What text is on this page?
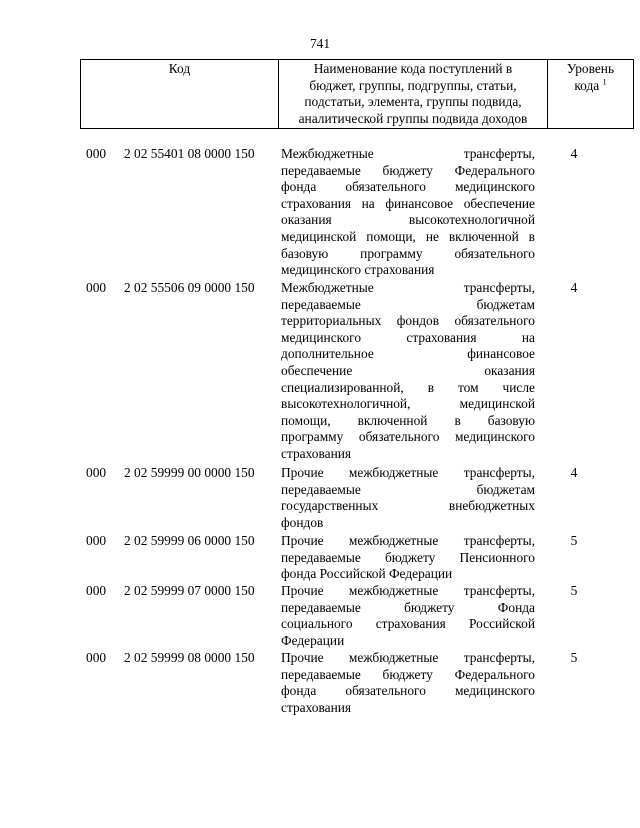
741
Код	Наименование кода поступлений в
бюджет, группы, подгруппы, статьи,
подстатьи, элемента, группы подвида,
аналитической группы подвида доходов

Уровень
кода $^1$
000 2 02 55401 08 0000 150 Межбюджетные трансферты,
передаваемые бюджету Федерального
фонда обязательного медицинского
страхования на финансовое обеспечение
оказания высокотехнологичной
медицинской помощи, не включенной в
базовую программу обязательного
медицинского страхования
4
000 2 02 55506 09 0000 150 Межбюджетные трансферты,
передаваемые бюджетам
территориальных фондов обязательного
медицинского страхования на
дополнительное финансовое
обеспечение оказания
специализированной, в том числе
высокотехнологичной, медицинской
помощи, включенной в базовую
программу обязательного медицинского
страхования
4
000 2 02 59999 00 0000 150 Прочие межбюджетные трансферты,
передаваемые бюджетам
государственных внебюджетных
фондов
4
000 2 02 59999 06 0000 150 Прочие межбюджетные трансферты,
передаваемые бюджету Пенсионного
фонда Российской Федерации
5
000 2 02 59999 07 0000 150 Прочие межбюджетные трансферты,
передаваемые бюджету Фонда
социального страхования Российской
Федерации
5
000 2 02 59999 08 0000 150 Прочие межбюджетные трансферты,
передаваемые бюджету Федерального
фонда обязательного медицинского
страхования
5
